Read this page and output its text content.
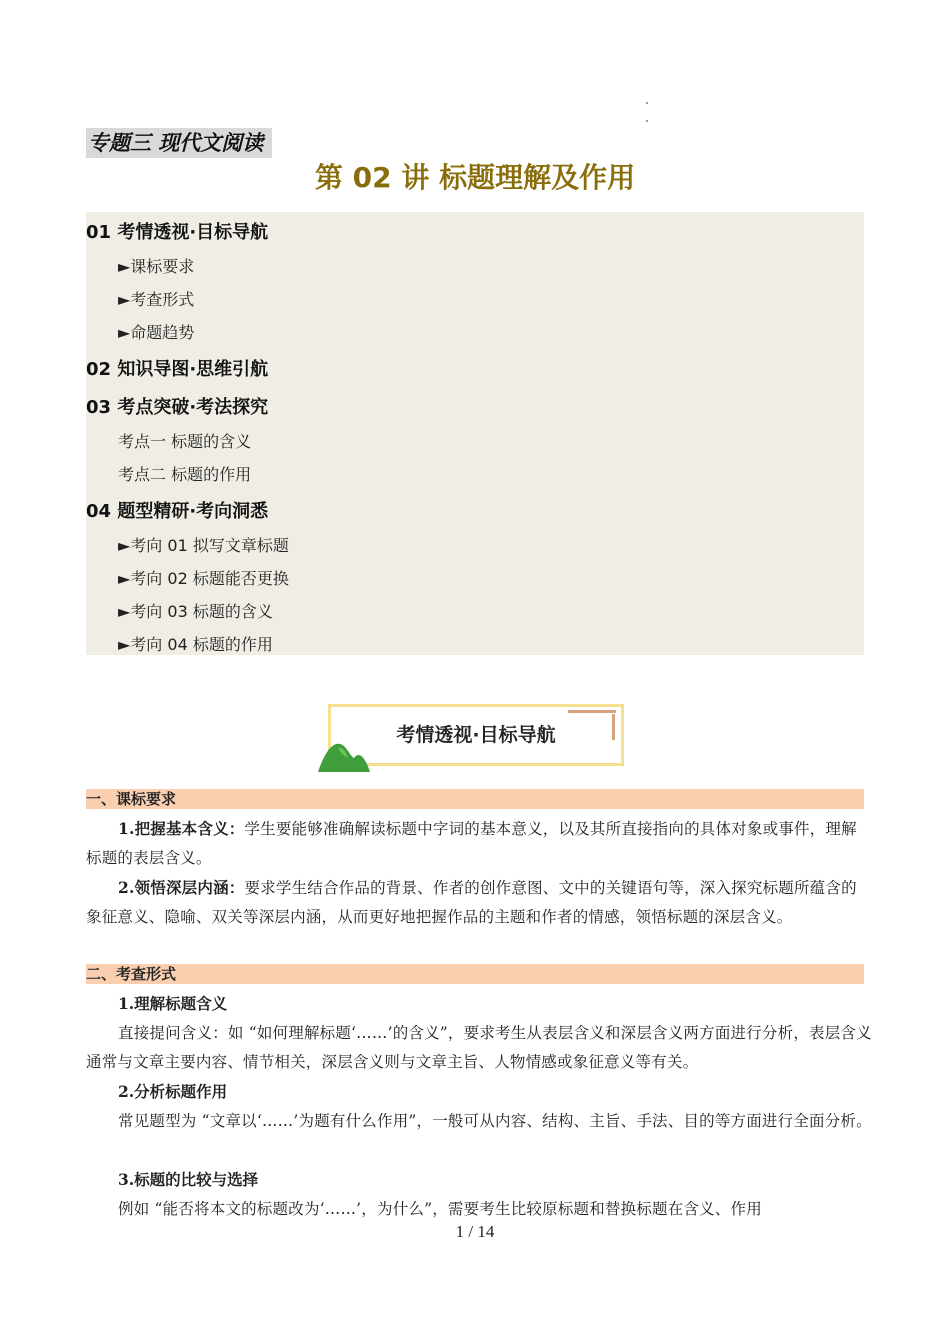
专题三 现代文阅读
第 02 讲 标题理解及作用
01 考情透视·目标导航
►课标要求
►考查形式
►命题趋势
02 知识导图·思维引航
03 考点突破·考法探究
考点一 标题的含义
考点二 标题的作用
04 题型精研·考向洞悉
►考向 01 拟写文章标题
►考向 02 标题能否更换
►考向 03 标题的含义
►考向 04 标题的作用
考情透视·目标导航
一、课标要求
1.把握基本含义：学生要能够准确解读标题中字词的基本意义，以及其所直接指向的具体对象或事件，理解标题的表层含义。
2.领悟深层内涵：要求学生结合作品的背景、作者的创作意图、文中的关键语句等，深入探究标题所蕴含的象征意义、隐喻、双关等深层内涵，从而更好地把握作品的主题和作者的情感，领悟标题的深层含义。
二、考查形式
1.理解标题含义
直接提问含义：如 “如何理解标题‘……’的含义”，要求考生从表层含义和深层含义两方面进行分析，表层含义通常与文章主要内容、情节相关，深层含义则与文章主旨、人物情感或象征意义等有关。
2.分析标题作用
常见题型为 “文章以‘……’为题有什么作用”，一般可从内容、结构、主旨、手法、目的等方面进行全面分析。
3.标题的比较与选择
例如 “能否将本文的标题改为‘……’，为什么”，需要考生比较原标题和替换标题在含义、作用
1 / 14
